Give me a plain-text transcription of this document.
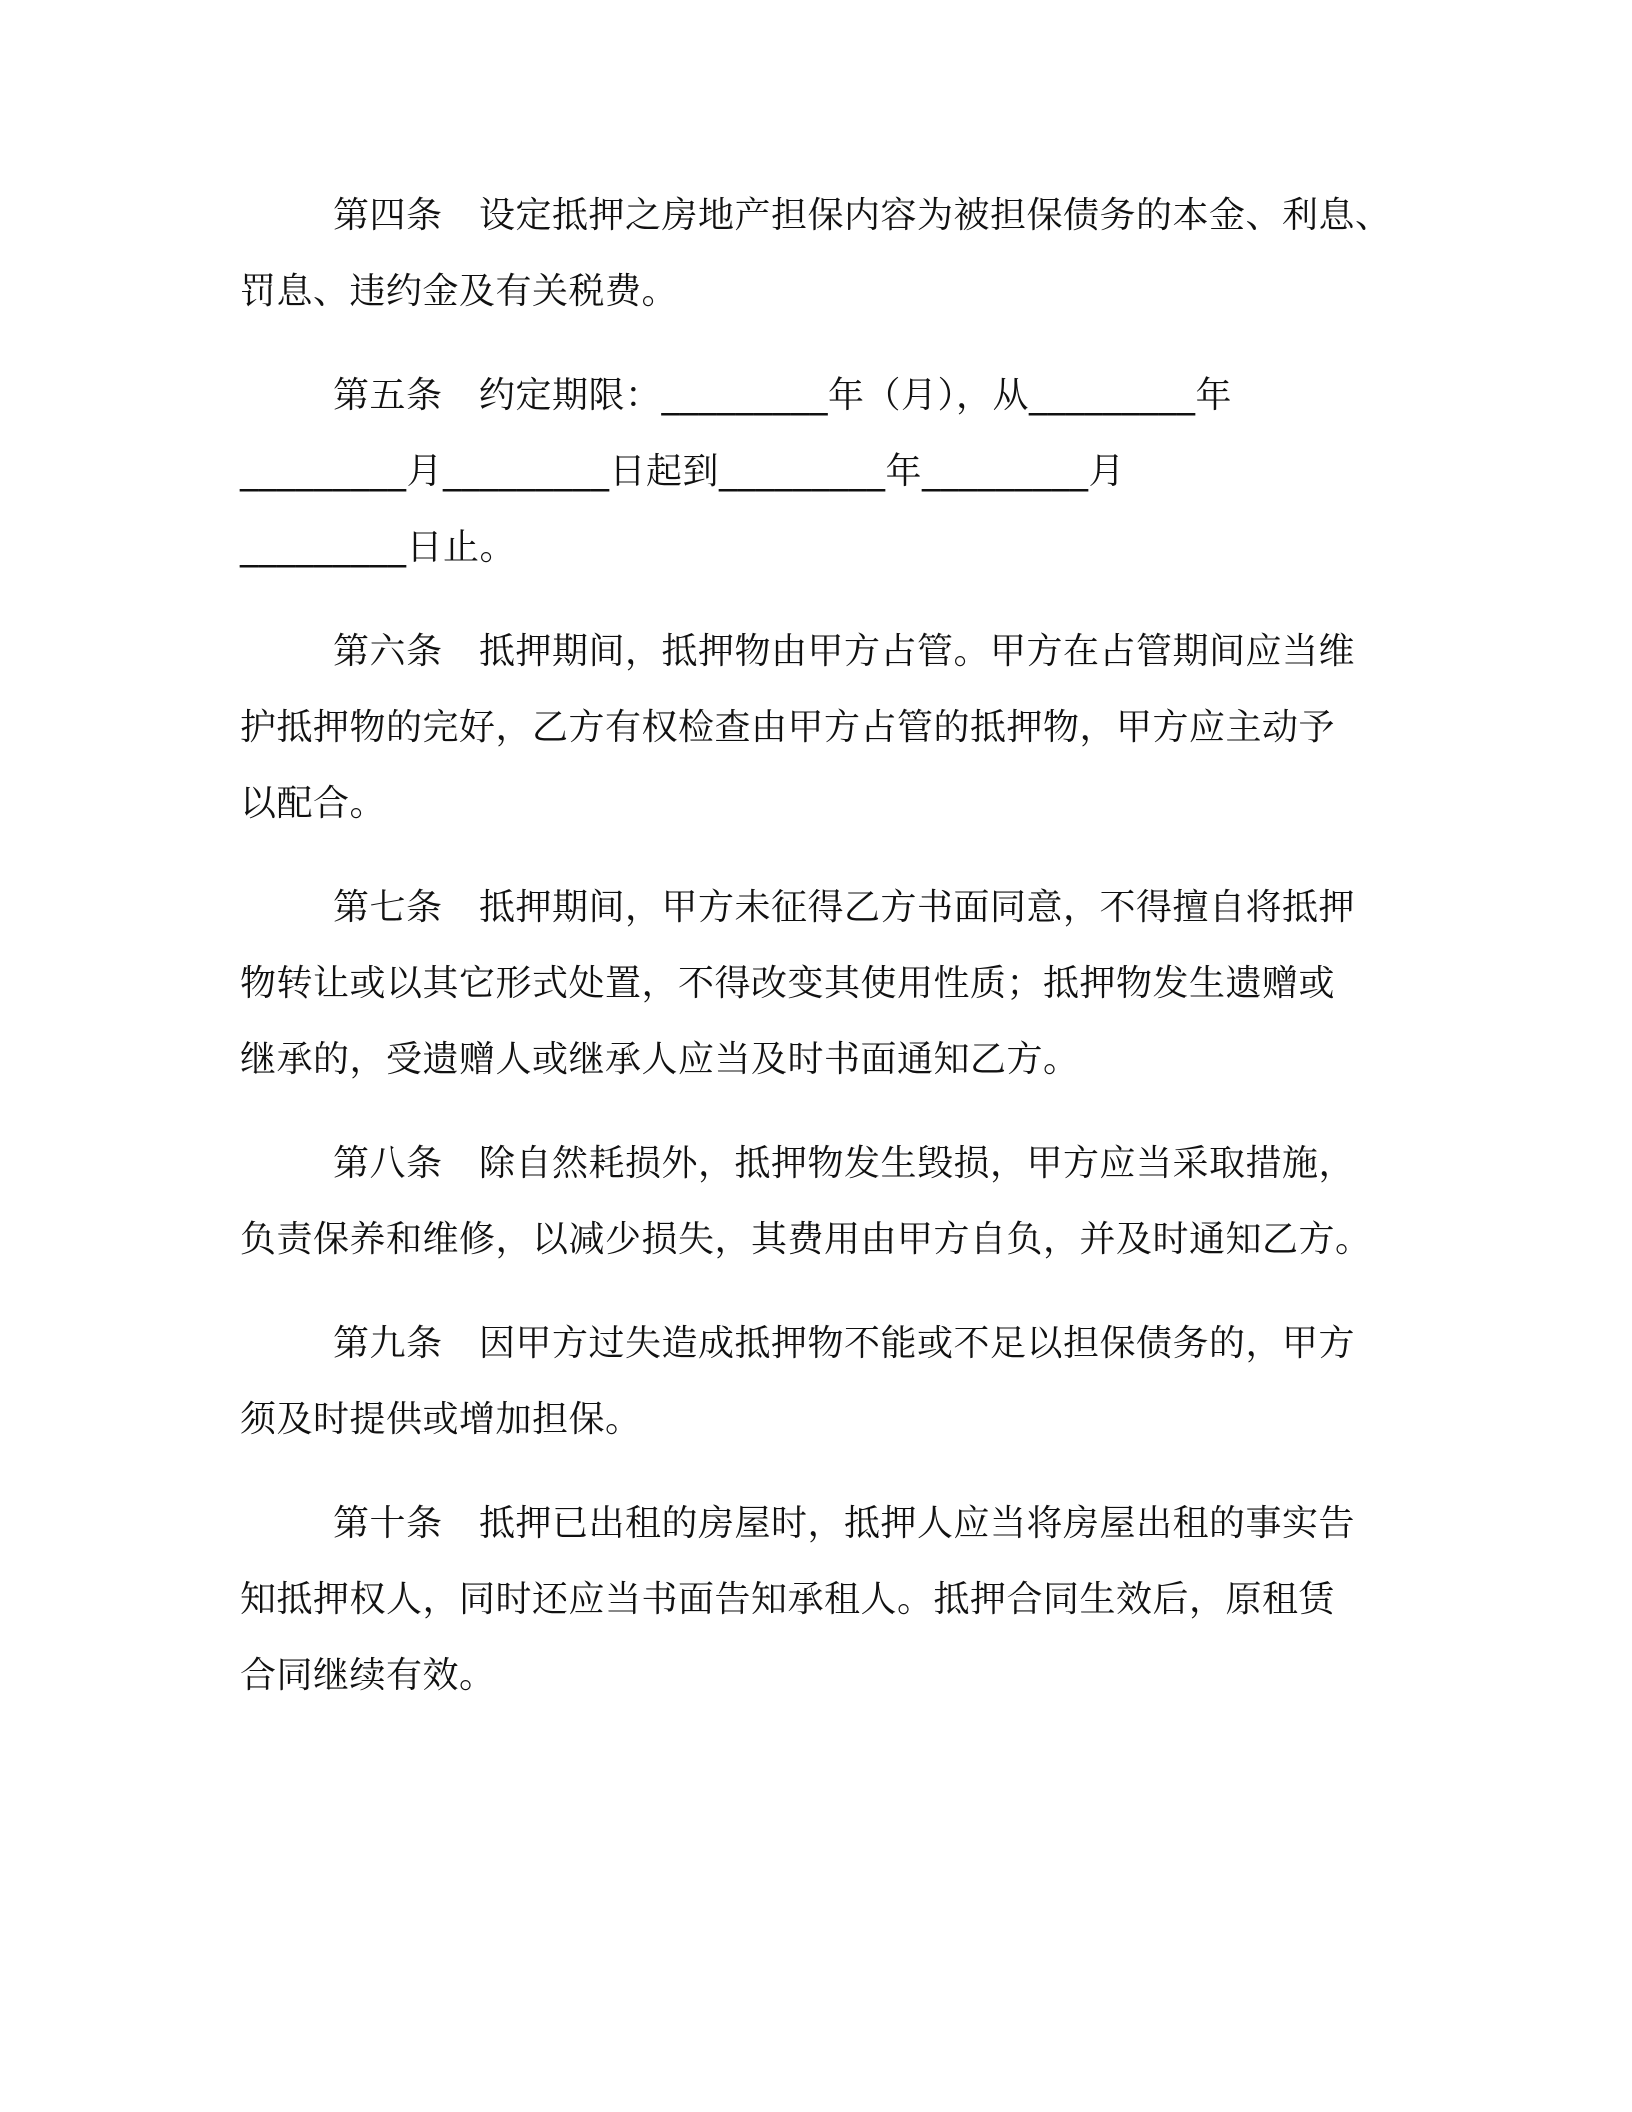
第四条　设定抵押之房地产担保内容为被担保债务的本金、利息、
罚息、违约金及有关税费。
第五条　约定期限：_________年（月），从_________年
_________月_________日起到_________年_________月
_________日止。
第六条　抵押期间，抵押物由甲方占管。甲方在占管期间应当维
护抵押物的完好，乙方有权检查由甲方占管的抵押物，甲方应主动予
以配合。
第七条　抵押期间，甲方未征得乙方书面同意，不得擅自将抵押
物转让或以其它形式处置，不得改变其使用性质；抵押物发生遗赠或
继承的，受遗赠人或继承人应当及时书面通知乙方。
第八条　除自然耗损外，抵押物发生毁损，甲方应当采取措施，
负责保养和维修，以减少损失，其费用由甲方自负，并及时通知乙方。
第九条　因甲方过失造成抵押物不能或不足以担保债务的，甲方
须及时提供或增加担保。
第十条　抵押已出租的房屋时，抵押人应当将房屋出租的事实告
知抵押权人，同时还应当书面告知承租人。抵押合同生效后，原租赁
合同继续有效。
